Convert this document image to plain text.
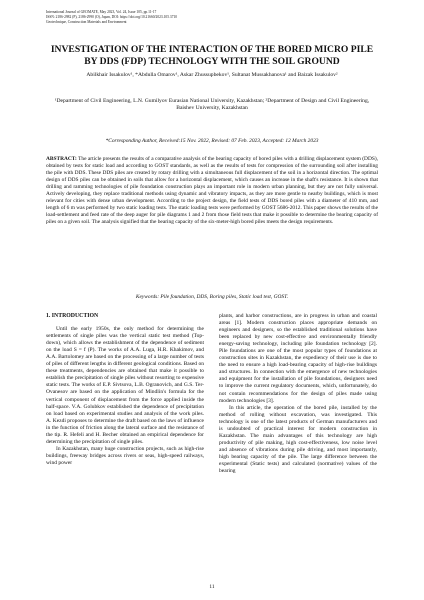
International Journal of GEOMATE, May 2023, Vol. 24, Issue 105, pp.11-17
ISSN: 2186-2982 (P), 2186-2990 (O), Japan, DOI: https://doi.org/10.21660/2023.105.3710
Geotechnique, Construction Materials and Environment
INVESTIGATION OF THE INTERACTION OF THE BORED MICRO PILE BY DDS (FDP) TECHNOLOGY WITH THE SOIL GROUND
Abilkhair Issakulov¹, *Abdulla Omarov¹, Askar Zhussupbekov¹, Sultanat Mussakhanova¹ and Baizak Issakulov²
¹Department of Civil Engineering, L.N. Gumilyov Eurasian National University, Kazakhstan; ²Department of Design and Civil Engineering, Baishev University, Kazakhstan
*Corresponding Author, Received:15 Nov. 2022, Revised: 07 Feb. 2023, Accepted: 12 March 2023
ABSTRACT: The article presents the results of a comparative analysis of the bearing capacity of bored piles with a drilling displacement system (DDS), obtained by tests for static load and according to GOST standards, as well as the results of tests for compression of the surrounding soil after installing the pile with DDS. These DDS piles are created by rotary drilling with a simultaneous full displacement of the soil in a horizontal direction. The optimal design of DDS piles can be obtained in soils that allow for a horizontal displacement, which causes an increase in the shaft's resistance. It is shown that drilling and ramming technologies of pile foundation construction plays an important role in modern urban planning, but they are not fully universal. Actively developing, they replace traditional methods using dynamic and vibratory impacts, as they are more gentle to nearby buildings, which is most relevant for cities with dense urban development. According to the project design, the field tests of DDS bored piles with a diameter of 410 mm, and length of 6 m was performed by two static loading tests. The static loading tests were performed by GOST 5686-2012. This paper shows the results of the load-settlement and feed rate of the deep auger for pile diagrams 1 and 2 from those field tests that make it possible to determine the bearing capacity of piles on a given soil. The analysis signified that the bearing capacity of the six-meter-high bored piles meets the design requirements.
Keywords: Pile foundation, DDS, Boring piles, Static load test, GOST.
1. INTRODUCTION

Until the early 1950s, the only method for determining the settlements of single piles was the vertical static test method (Top-down), which allows the establishment of the dependence of sediment on the load S = f (P). The works of A.A. Luga, H.R. Khakimov, and A.A. Bartolomey are based on the processing of a large number of tests of piles of different lengths in different geological conditions. Based on these treatments, dependencies are obtained that make it possible to establish the precipitation of single piles without resorting to expensive static tests. The works of E.P. Sivtsova, L.B. Ogranovich, and G.S. Ter-Ovanesov are based on the application of Mindlin's formula for the vertical component of displacement from the force applied inside the half-space. V.A. Golubkov established the dependence of precipitation on load based on experimental studies and analysis of the work piles. A. Kezdi proposes to determine the draft based on the laws of influence in the function of friction along the lateral surface and the resistance of the tip. R. Hefeli and H. Becher obtained an empirical dependence for determining the precipitation of single piles.

In Kazakhstan, many huge construction projects, such as high-rise buildings, freeway bridges across rivers or seas, high-speed railways, wind power

plants, and harbor constructions, are in progress in urban and coastal areas [1]. Modern construction places appropriate demands on engineers and designers, so the established traditional solutions have been replaced by new cost-effective and environmentally friendly energy-saving technology, including pile foundation technology [2]. Pile foundations are one of the most popular types of foundations at construction sites in Kazakhstan, the expediency of their use is due to the need to ensure a high load-bearing capacity of high-rise buildings and structures. In connection with the emergence of new technologies and equipment for the installation of pile foundations, designers need to improve the current regulatory documents, which, unfortunately, do not contain recommendations for the design of piles made using modern technologies [3].

In this article, the operation of the bored pile, installed by the method of rolling without excavation, was investigated. This technology is one of the latest products of German manufacturers and is undoubted of practical interest for modern construction in Kazakhstan. The main advantages of this technology are high productivity of pile making, high cost-effectiveness, low noise level and absence of vibrations during pile driving, and most importantly, high bearing capacity of the pile. The large difference between the experimental (Static tests) and calculated (normative) values of the bearing

11
